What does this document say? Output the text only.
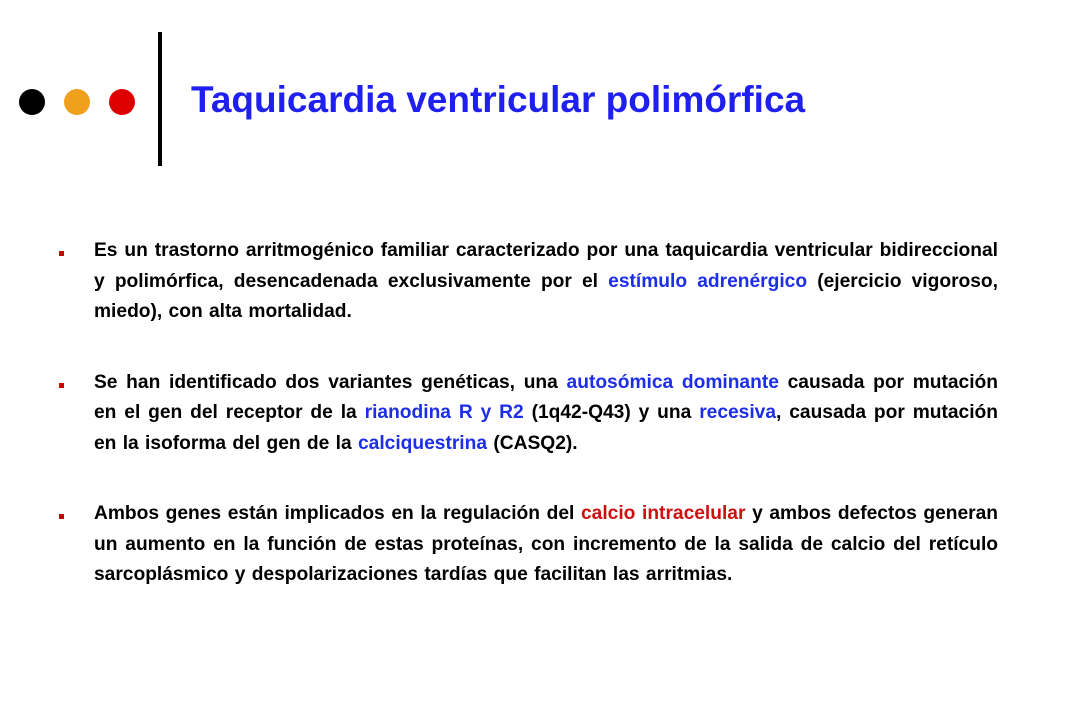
Taquicardia ventricular polimórfica

Es un trastorno arritmogénico familiar caracterizado por una taquicardia ventricular bidireccional y polimórfica, desencadenada exclusivamente por el estímulo adrenérgico (ejercicio vigoroso, miedo), con alta mortalidad.

Se han identificado dos variantes genéticas, una autosómica dominante causada por mutación en el gen del receptor de la rianodina R y R2 (1q42-Q43) y una recesiva, causada por mutación en la isoforma del gen de la calciquestrina (CASQ2).

Ambos genes están implicados en la regulación del calcio intracelular y ambos defectos generan un aumento en la función de estas proteínas, con incremento de la salida de calcio del retículo sarcoplásmico y despolarizaciones tardías que facilitan las arritmias.
